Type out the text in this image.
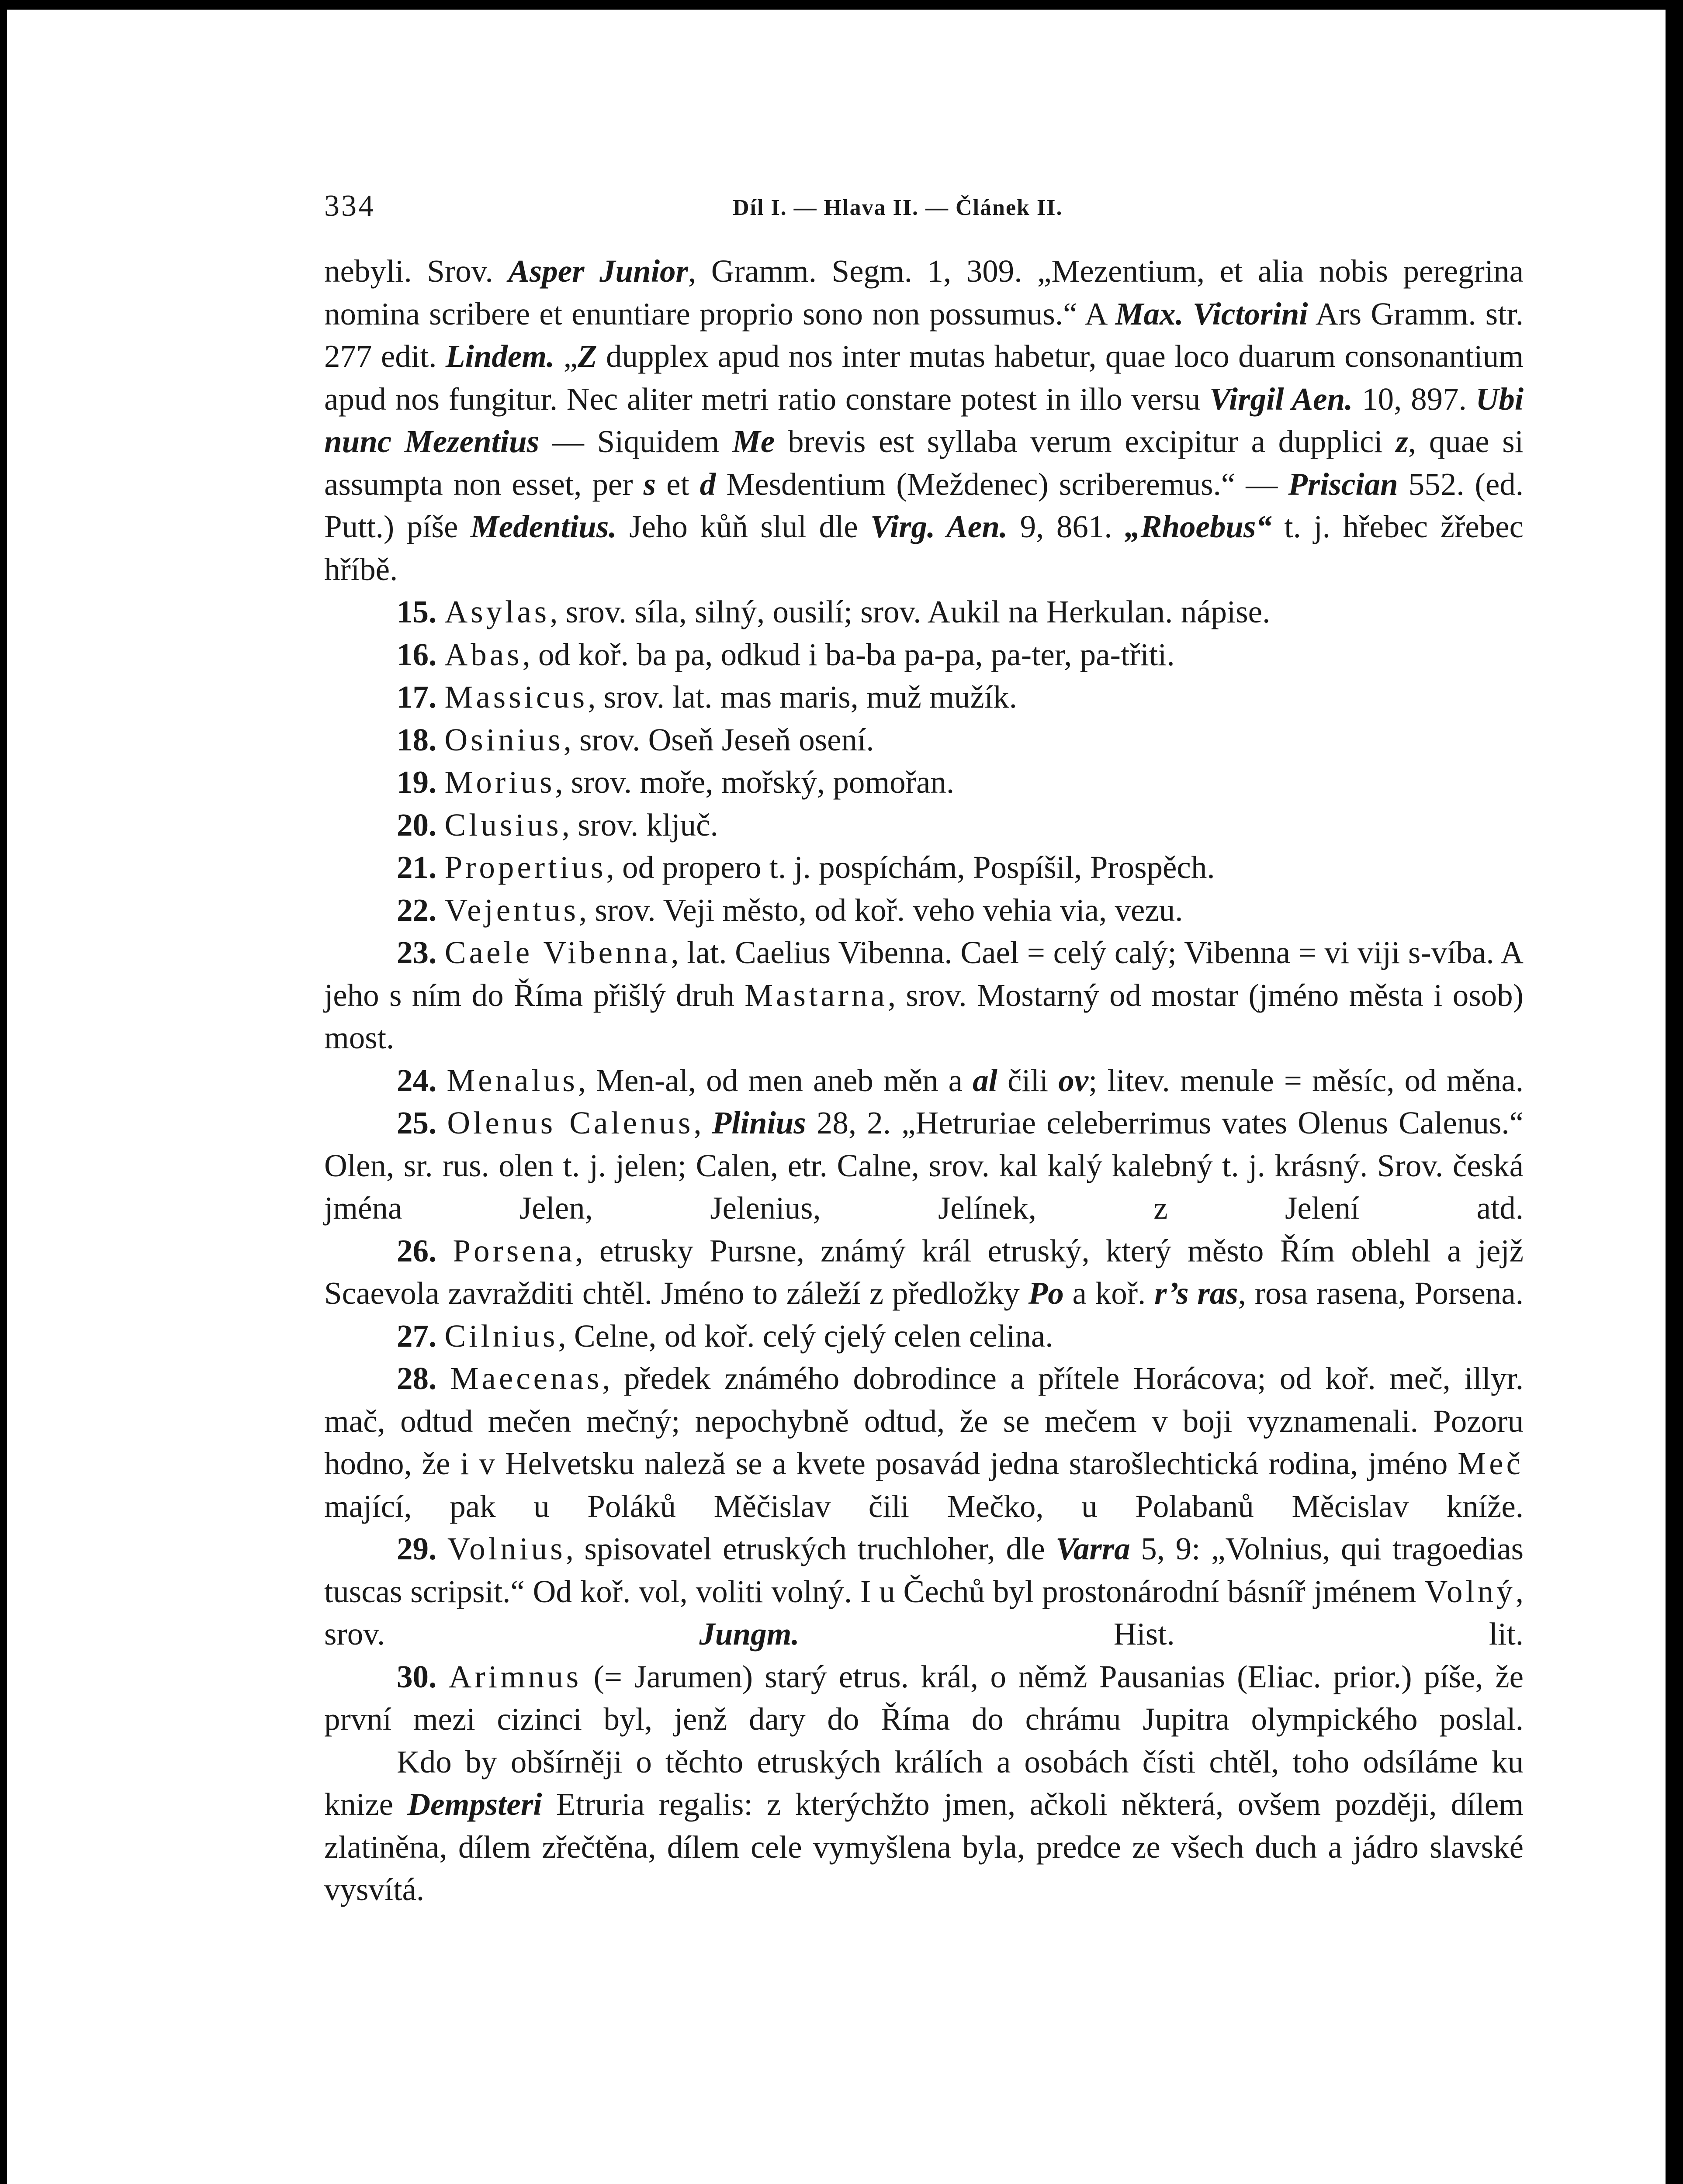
334	Díl I. — Hlava II. — Článek II.

nebyli. Srov. Asper Junior, Gramm. Segm. 1, 309. „Mezentium, et alia nobis peregrina nomina scribere et enuntiare proprio sono non possumus.“ A Max. Victorini Ars Gramm. str. 277 edit. Lindem. „Z dupplex apud nos inter mutas habetur, quae loco duarum consonantium apud nos fungitur. Nec aliter metri ratio constare potest in illo versu Virgil Aen. 10, 897. Ubi nunc Mezentius — Siquidem Me brevis est syllaba verum excipitur a dupplici z, quae si assumpta non esset, per s et d Mesdentium (Meždenec) scriberemus.“ — Priscian 552. (ed. Putt.) píše Medentius. Jeho kůň slul dle Virg. Aen. 9, 861. „Rhoebus“ t. j. hřebec žřebec hříbě.

15. Asylas, srov. síla, silný, ousilí; srov. Aukil na Herkulan. nápise.

16. Abas, od koř. ba pa, odkud i ba-ba pa-pa, pa-ter, pa-třiti.

17. Massicus, srov. lat. mas maris, muž mužík.

18. Osinius, srov. Oseň Jeseň osení.

19. Morius, srov. moře, mořský, pomořan.

20. Clusius, srov. ključ.

21. Propertius, od propero t. j. pospíchám, Pospíšil, Prospěch.

22. Vejentus, srov. Veji město, od koř. veho vehia via, vezu.

23. Caele Vibenna, lat. Caelius Vibenna. Cael = celý calý; Vibenna = vi viji s-víba. A jeho s ním do Říma přišlý druh Mastarna, srov. Mostarný od mostar (jméno města i osob) most.

24. Menalus, Men-al, od men aneb měn a al čili ov; litev. menule = měsíc, od měna.

25. Olenus Calenus, Plinius 28, 2. „Hetruriae celeberrimus vates Olenus Calenus.“ Olen, sr. rus. olen t. j. jelen; Calen, etr. Calne, srov. kal kalý kalebný t. j. krásný. Srov. česká jména Jelen, Jelenius, Jelínek, z Jelení atd.

26. Porsena, etrusky Pursne, známý král etruský, který město Řím oblehl a jejž Scaevola zavražditi chtěl. Jméno to záleží z předložky Po a koř. r’s ras, rosa rasena, Porsena.

27. Cilnius, Celne, od koř. celý cjelý celen celina.

28. Maecenas, předek známého dobrodince a přítele Horácova; od koř. meč, illyr. mač, odtud mečen mečný; nepochybně odtud, že se mečem v boji vyznamenali. Pozoru hodno, že i v Helvetsku naleză se a kvete posavád jedna starošlechtická rodina, jméno Meč mající, pak u Poláků Měčislav čili Mečko, u Polabanů Měcislav kníže.

29. Volnius, spisovatel etruských truchloher, dle Varra 5, 9: „Volnius, qui tragoedias tuscas scripsit.“ Od koř. vol, voliti volný. I u Čechů byl prostonárodní básníř jménem Volný, srov. Jungm. Hist. lit.

30. Arimnus (= Jarumen) starý etrus. král, o němž Pausanias (Eliac. prior.) píše, že první mezi cizinci byl, jenž dary do Říma do chrámu Jupitra olympického poslal.

Kdo by obšírněji o těchto etruských králích a osobách čísti chtěl, toho odsíláme ku knize Dempsteri Etruria regalis: z kterýchžto jmen, ačkoli některá, ovšem později, dílem zlatiněna, dílem zřečtěna, dílem cele vymyšlena byla, predce ze všech duch a jádro slavské vysvítá.
